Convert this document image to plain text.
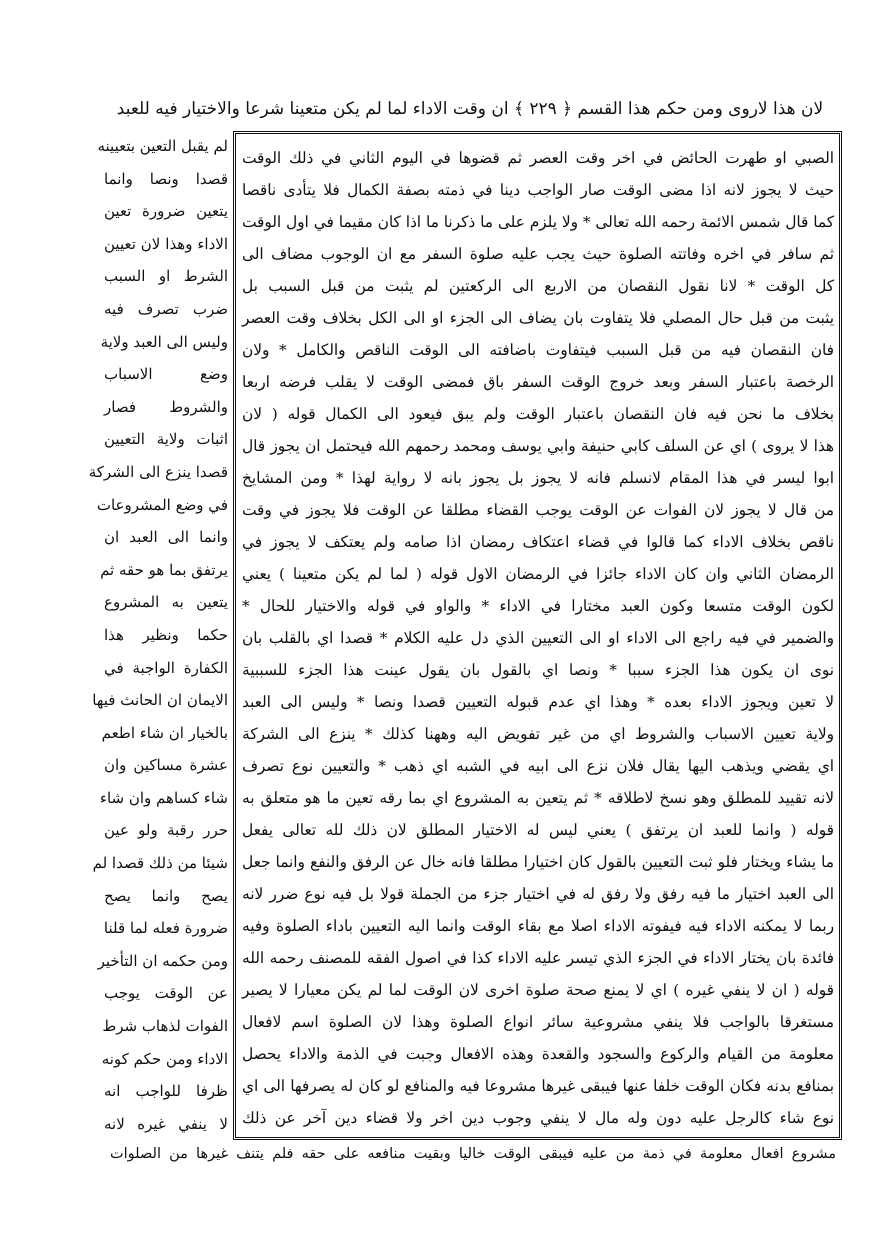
لان هذا لاروى ومن حكم هذا القسم ﴿ ٢٢٩ ﴾ ان وقت الاداء لما لم يكن متعينا شرعا والاختيار فيه للعبد
لم يقبل التعين بتعيينه
قصدا ونصا وانما
يتعين ضرورة تعين
الاداء وهذا لان تعيين
الشرط او السبب
ضرب تصرف فيه
وليس الى العبد ولاية
وضع الاسباب
والشروط فصار
اثبات ولاية التعيين
قصدا ينزع الى الشركة
في وضع المشروعات
وانما الى العبد ان
يرتفق بما هو حقه ثم
يتعين به المشروع
حكما ونظير هذا
الكفارة الواجبة في
الايمان ان الحانث فيها
بالخيار ان شاء اطعم
عشرة مساكين وان
شاء كساهم وان شاء
حرر رقبة ولو عين
شيئا من ذلك قصدا لم
يصح وانما يصح
ضرورة فعله لما قلنا
ومن حكمه ان التأخير
عن الوقت يوجب
الفوات لذهاب شرط
الاداء ومن حكم كونه
ظرفا للواجب انه
لا ينفي غيره لانه
الصبي او طهرت الحائض في اخر وقت العصر ثم قضوها في اليوم الثاني في ذلك الوقت
حيث لا يجوز لانه اذا مضى الوقت صار الواجب دينا في ذمته بصفة الكمال فلا يتأدى ناقصا
كما قال شمس الائمة رحمه الله تعالى * ولا يلزم على ما ذكرنا ما اذا كان مقيما في اول الوقت
ثم سافر في اخره وفاتته الصلوة حيث يجب عليه صلوة السفر مع ان الوجوب مضاف الى
كل الوقت * لانا نقول النقصان من الاربع الى الركعتين لم يثبت من قبل السبب بل
يثبت من قبل حال المصلي فلا يتفاوت بان يضاف الى الجزء او الى الكل بخلاف وقت العصر
فان النقصان فيه من قبل السبب فيتفاوت باضافته الى الوقت الناقص والكامل * ولان
الرخصة باعتبار السفر وبعد خروج الوقت السفر باق فمضى الوقت لا يقلب فرضه اربعا
بخلاف ما نحن فيه فان النقصان باعتبار الوقت ولم يبق فيعود الى الكمال قوله ( لان
هذا لا يروى ) اي عن السلف كابي حنيفة وابي يوسف ومحمد رحمهم الله فيحتمل ان يجوز قال
ابوا ليسر في هذا المقام لانسلم فانه لا يجوز بل يجوز بانه لا رواية لهذا * ومن المشايخ
من قال لا يجوز لان الفوات عن الوقت يوجب القضاء مطلقا عن الوقت فلا يجوز في وقت
ناقص بخلاف الاداء كما قالوا في قضاء اعتكاف رمضان اذا صامه ولم يعتكف لا يجوز في
الرمضان الثاني وان كان الاداء جائزا في الرمضان الاول قوله ( لما لم يكن متعينا ) يعني
لكون الوقت متسعا وكون العبد مختارا في الاداء * والواو في قوله والاختيار للحال *
والضمير في فيه راجع الى الاداء او الى التعيين الذي دل عليه الكلام * قصدا اي بالقلب بان
نوى ان يكون هذا الجزء سببا * ونصا اي بالقول بان يقول عينت هذا الجزء للسببية
لا تعين ويجوز الاداء بعده * وهذا اي عدم قبوله التعيين قصدا ونصا * وليس الى العبد
ولاية تعيين الاسباب والشروط اي من غير تفويض اليه وههنا كذلك * ينزع الى الشركة
اي يقضي ويذهب اليها يقال فلان نزع الى ابيه في الشبه اي ذهب * والتعيين نوع تصرف
لانه تقييد للمطلق وهو نسخ لاطلاقه * ثم يتعين به المشروع اي بما رقه تعين ما هو متعلق به
قوله ( وانما للعبد ان يرتفق ) يعني ليس له الاختيار المطلق لان ذلك لله تعالى يفعل
ما يشاء ويختار فلو ثبت التعيين بالقول كان اختيارا مطلقا فانه خال عن الرفق والنفع وانما جعل
الى العبد اختيار ما فيه رفق ولا رفق له في اختيار جزء من الجملة قولا بل فيه نوع ضرر لانه
ربما لا يمكنه الاداء فيه فيفوته الاداء اصلا مع بقاء الوقت وانما اليه التعيين باداء الصلوة وفيه
فائدة بان يختار الاداء في الجزء الذي تيسر عليه الاداء كذا في اصول الفقه للمصنف رحمه الله
قوله ( ان لا ينفي غيره ) اي لا يمنع صحة صلوة اخرى لان الوقت لما لم يكن معيارا لا يصير
مستغرقا بالواجب فلا ينفي مشروعية سائر انواع الصلوة وهذا لان الصلوة اسم لافعال
معلومة من القيام والركوع والسجود والقعدة وهذه الافعال وجبت في الذمة والاداء يحصل
بمنافع بدنه فكان الوقت خلفا عنها فيبقى غيرها مشروعا فيه والمنافع لو كان له يصرفها الى اي
نوع شاء كالرجل عليه دون وله مال لا ينفي وجوب دين اخر ولا قضاء دين آخر عن ذلك
مشروع افعال معلومة في ذمة من عليه فيبقى الوقت خاليا وبقيت منافعه على حقه فلم يتنف غيرها من الصلوات
